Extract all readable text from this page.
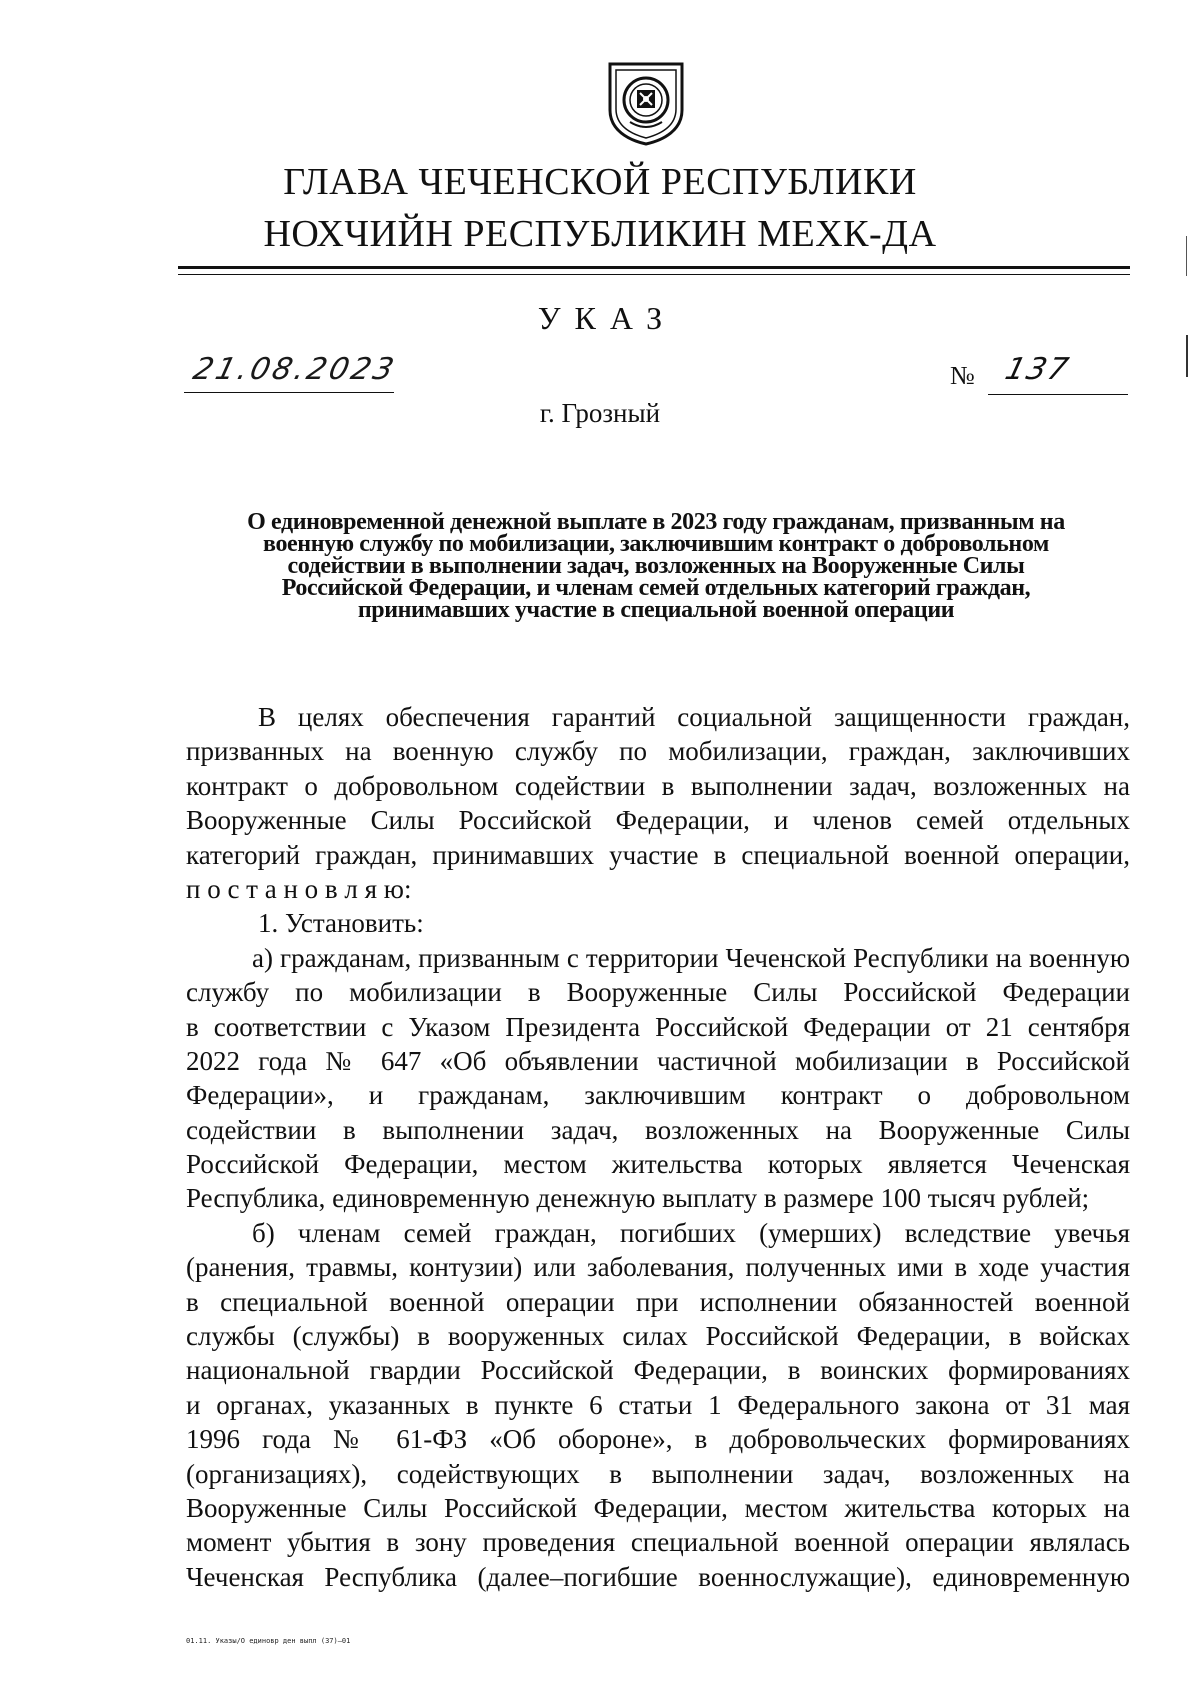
ГЛАВА ЧЕЧЕНСКОЙ РЕСПУБЛИКИ
НОХЧИЙН РЕСПУБЛИКИН МЕХК-ДА
УКАЗ
21.08.2023	№ 137
г. Грозный
О единовременной денежной выплате в 2023 году гражданам, призванным на
военную службу по мобилизации, заключившим контракт о добровольном
содействии в выполнении задач, возложенных на Вооруженные Силы
Российской Федерации, и членам семей отдельных категорий граждан,
принимавших участие в специальной военной операции
В целях обеспечения гарантий социальной защищенности граждан,
призванных на военную службу по мобилизации, граждан, заключивших
контракт о добровольном содействии в выполнении задач, возложенных на
Вооруженные Силы Российской Федерации, и членов семей отдельных
категорий граждан, принимавших участие в специальной военной операции,
п о с т а н о в л я ю:
1. Установить:
а) гражданам, призванным с территории Чеченской Республики на военную
службу по мобилизации в Вооруженные Силы Российской Федерации
в соответствии с Указом Президента Российской Федерации от 21 сентября
2022 года № 647 «Об объявлении частичной мобилизации в Российской
Федерации», и гражданам, заключившим контракт о добровольном
содействии в выполнении задач, возложенных на Вооруженные Силы
Российской Федерации, местом жительства которых является Чеченская
Республика, единовременную денежную выплату в размере 100 тысяч рублей;
б) членам семей граждан, погибших (умерших) вследствие увечья
(ранения, травмы, контузии) или заболевания, полученных ими в ходе участия
в специальной военной операции при исполнении обязанностей военной
службы (службы) в вооруженных силах Российской Федерации, в войсках
национальной гвардии Российской Федерации, в воинских формированиях
и органах, указанных в пункте 6 статьи 1 Федерального закона от 31 мая
1996 года № 61-ФЗ «Об обороне», в добровольческих формированиях
(организациях), содействующих в выполнении задач, возложенных на
Вооруженные Силы Российской Федерации, местом жительства которых на
момент убытия в зону проведения специальной военной операции являлась
Чеченская Республика (далее–погибшие военнослужащие), единовременную
01.11. Указы/О единовр ден выпл (37)—01
